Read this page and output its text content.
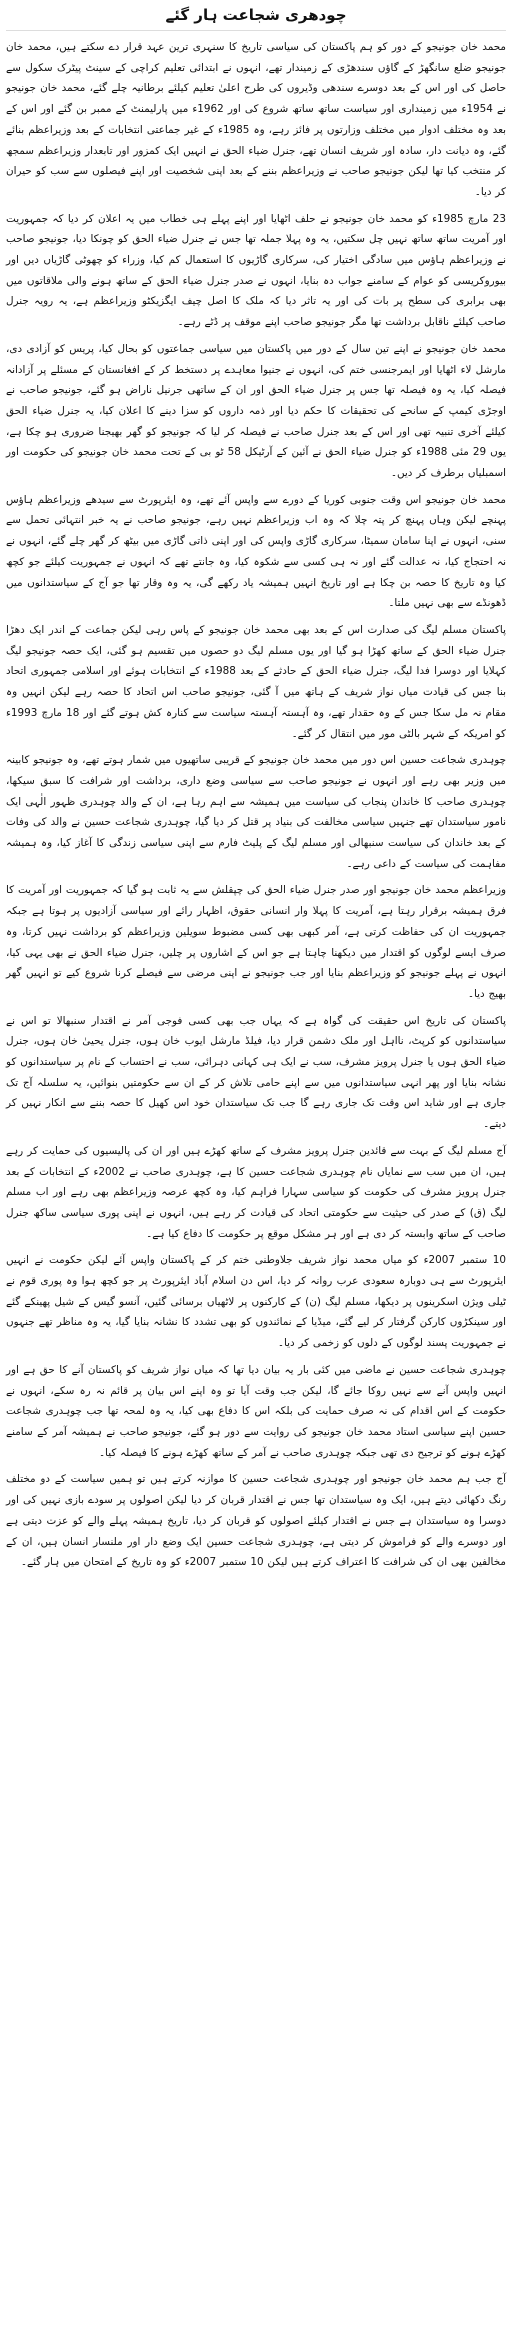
چودھری شجاعت ہار گئے

محمد خان جونیجو کے دور کو ہم پاکستان کی سیاسی تاریخ کا سنہری ترین عہد قرار دے سکتے ہیں، محمد خان جونیجو ضلع سانگھڑ کے گاؤں سندھڑی کے زمیندار تھے، انہوں نے ابتدائی تعلیم کراچی کے سینٹ پیٹرک سکول سے حاصل کی اور اس کے بعد دوسرے سندھی وڈیروں کی طرح اعلیٰ تعلیم کیلئے برطانیہ چلے گئے، محمد خان جونیجو نے 1954ء میں زمینداری اور سیاست ساتھ ساتھ شروع کی اور 1962ء میں پارلیمنٹ کے ممبر بن گئے اور اس کے بعد وہ مختلف ادوار میں مختلف وزارتوں پر فائز رہے، وہ 1985ء کے غیر جماعتی انتخابات کے بعد وزیراعظم بنائے گئے، وہ دیانت دار، سادہ اور شریف انسان تھے، جنرل ضیاء الحق نے انہیں ایک کمزور اور تابعدار وزیراعظم سمجھ کر منتخب کیا تھا لیکن جونیجو صاحب نے وزیراعظم بننے کے بعد اپنی شخصیت اور اپنے فیصلوں سے سب کو حیران کر دیا۔

23 مارچ 1985ء کو محمد خان جونیجو نے حلف اٹھایا اور اپنے پہلے ہی خطاب میں یہ اعلان کر دیا کہ جمہوریت اور آمریت ساتھ ساتھ نہیں چل سکتیں، یہ وہ پہلا جملہ تھا جس نے جنرل ضیاء الحق کو چونکا دیا، جونیجو صاحب نے وزیراعظم ہاؤس میں سادگی اختیار کی، سرکاری گاڑیوں کا استعمال کم کیا، وزراء کو چھوٹی گاڑیاں دیں اور بیوروکریسی کو عوام کے سامنے جواب دہ بنایا، انہوں نے صدر جنرل ضیاء الحق کے ساتھ ہونے والی ملاقاتوں میں بھی برابری کی سطح پر بات کی اور یہ تاثر دیا کہ ملک کا اصل چیف ایگزیکٹو وزیراعظم ہے، یہ رویہ جنرل صاحب کیلئے ناقابل برداشت تھا مگر جونیجو صاحب اپنے موقف پر ڈٹے رہے۔

محمد خان جونیجو نے اپنے تین سال کے دور میں پاکستان میں سیاسی جماعتوں کو بحال کیا، پریس کو آزادی دی، مارشل لاء اٹھایا اور ایمرجنسی ختم کی، انہوں نے جنیوا معاہدے پر دستخط کر کے افغانستان کے مسئلے پر آزادانہ فیصلہ کیا، یہ وہ فیصلہ تھا جس پر جنرل ضیاء الحق اور ان کے ساتھی جرنیل ناراض ہو گئے، جونیجو صاحب نے اوجڑی کیمپ کے سانحے کی تحقیقات کا حکم دیا اور ذمہ داروں کو سزا دینے کا اعلان کیا، یہ جنرل ضیاء الحق کیلئے آخری تنبیہ تھی اور اس کے بعد جنرل صاحب نے فیصلہ کر لیا کہ جونیجو کو گھر بھیجنا ضروری ہو چکا ہے، یوں 29 مئی 1988ء کو جنرل ضیاء الحق نے آئین کے آرٹیکل 58 ٹو بی کے تحت محمد خان جونیجو کی حکومت اور اسمبلیاں برطرف کر دیں۔

محمد خان جونیجو اس وقت جنوبی کوریا کے دورے سے واپس آئے تھے، وہ ایئرپورٹ سے سیدھے وزیراعظم ہاؤس پہنچے لیکن وہاں پہنچ کر پتہ چلا کہ وہ اب وزیراعظم نہیں رہے، جونیجو صاحب نے یہ خبر انتہائی تحمل سے سنی، انہوں نے اپنا سامان سمیٹا، سرکاری گاڑی واپس کی اور اپنی ذاتی گاڑی میں بیٹھ کر گھر چلے گئے، انہوں نے نہ احتجاج کیا، نہ عدالت گئے اور نہ ہی کسی سے شکوہ کیا، وہ جانتے تھے کہ انہوں نے جمہوریت کیلئے جو کچھ کیا وہ تاریخ کا حصہ بن چکا ہے اور تاریخ انہیں ہمیشہ یاد رکھے گی، یہ وہ وقار تھا جو آج کے سیاستدانوں میں ڈھونڈے سے بھی نہیں ملتا۔

پاکستان مسلم لیگ کی صدارت اس کے بعد بھی محمد خان جونیجو کے پاس رہی لیکن جماعت کے اندر ایک دھڑا جنرل ضیاء الحق کے ساتھ کھڑا ہو گیا اور یوں مسلم لیگ دو حصوں میں تقسیم ہو گئی، ایک حصہ جونیجو لیگ کہلایا اور دوسرا فدا لیگ، جنرل ضیاء الحق کے حادثے کے بعد 1988ء کے انتخابات ہوئے اور اسلامی جمہوری اتحاد بنا جس کی قیادت میاں نواز شریف کے ہاتھ میں آ گئی، جونیجو صاحب اس اتحاد کا حصہ رہے لیکن انہیں وہ مقام نہ مل سکا جس کے وہ حقدار تھے، وہ آہستہ آہستہ سیاست سے کنارہ کش ہوتے گئے اور 18 مارچ 1993ء کو امریکہ کے شہر بالٹی مور میں انتقال کر گئے۔

چوہدری شجاعت حسین اس دور میں محمد خان جونیجو کے قریبی ساتھیوں میں شمار ہوتے تھے، وہ جونیجو کابینہ میں وزیر بھی رہے اور انہوں نے جونیجو صاحب سے سیاسی وضع داری، برداشت اور شرافت کا سبق سیکھا، چوہدری صاحب کا خاندان پنجاب کی سیاست میں ہمیشہ سے اہم رہا ہے، ان کے والد چوہدری ظہور الٰہی ایک نامور سیاستدان تھے جنہیں سیاسی مخالفت کی بنیاد پر قتل کر دیا گیا، چوہدری شجاعت حسین نے والد کی وفات کے بعد خاندان کی سیاست سنبھالی اور مسلم لیگ کے پلیٹ فارم سے اپنی سیاسی زندگی کا آغاز کیا، وہ ہمیشہ مفاہمت کی سیاست کے داعی رہے۔

وزیراعظم محمد خان جونیجو اور صدر جنرل ضیاء الحق کی چپقلش سے یہ ثابت ہو گیا کہ جمہوریت اور آمریت کا فرق ہمیشہ برقرار رہتا ہے، آمریت کا پہلا وار انسانی حقوق، اظہار رائے اور سیاسی آزادیوں پر ہوتا ہے جبکہ جمہوریت ان کی حفاظت کرتی ہے، آمر کبھی بھی کسی مضبوط سویلین وزیراعظم کو برداشت نہیں کرتا، وہ صرف ایسے لوگوں کو اقتدار میں دیکھنا چاہتا ہے جو اس کے اشاروں پر چلیں، جنرل ضیاء الحق نے بھی یہی کیا، انہوں نے پہلے جونیجو کو وزیراعظم بنایا اور جب جونیجو نے اپنی مرضی سے فیصلے کرنا شروع کیے تو انہیں گھر بھیج دیا۔

پاکستان کی تاریخ اس حقیقت کی گواہ ہے کہ یہاں جب بھی کسی فوجی آمر نے اقتدار سنبھالا تو اس نے سیاستدانوں کو کرپٹ، نااہل اور ملک دشمن قرار دیا، فیلڈ مارشل ایوب خان ہوں، جنرل یحییٰ خان ہوں، جنرل ضیاء الحق ہوں یا جنرل پرویز مشرف، سب نے ایک ہی کہانی دہرائی، سب نے احتساب کے نام پر سیاستدانوں کو نشانہ بنایا اور پھر انہی سیاستدانوں میں سے اپنے حامی تلاش کر کے ان سے حکومتیں بنوائیں، یہ سلسلہ آج تک جاری ہے اور شاید اس وقت تک جاری رہے گا جب تک سیاستدان خود اس کھیل کا حصہ بننے سے انکار نہیں کر دیتے۔

آج مسلم لیگ کے بہت سے قائدین جنرل پرویز مشرف کے ساتھ کھڑے ہیں اور ان کی پالیسیوں کی حمایت کر رہے ہیں، ان میں سب سے نمایاں نام چوہدری شجاعت حسین کا ہے، چوہدری صاحب نے 2002ء کے انتخابات کے بعد جنرل پرویز مشرف کی حکومت کو سیاسی سہارا فراہم کیا، وہ کچھ عرصہ وزیراعظم بھی رہے اور اب مسلم لیگ (ق) کے صدر کی حیثیت سے حکومتی اتحاد کی قیادت کر رہے ہیں، انہوں نے اپنی پوری سیاسی ساکھ جنرل صاحب کے ساتھ وابستہ کر دی ہے اور ہر مشکل موقع پر حکومت کا دفاع کیا ہے۔

10 ستمبر 2007ء کو میاں محمد نواز شریف جلاوطنی ختم کر کے پاکستان واپس آئے لیکن حکومت نے انہیں ایئرپورٹ سے ہی دوبارہ سعودی عرب روانہ کر دیا، اس دن اسلام آباد ایئرپورٹ پر جو کچھ ہوا وہ پوری قوم نے ٹیلی ویژن اسکرینوں پر دیکھا، مسلم لیگ (ن) کے کارکنوں پر لاٹھیاں برسائی گئیں، آنسو گیس کے شیل پھینکے گئے اور سینکڑوں کارکن گرفتار کر لیے گئے، میڈیا کے نمائندوں کو بھی تشدد کا نشانہ بنایا گیا، یہ وہ مناظر تھے جنہوں نے جمہوریت پسند لوگوں کے دلوں کو زخمی کر دیا۔

چوہدری شجاعت حسین نے ماضی میں کئی بار یہ بیان دیا تھا کہ میاں نواز شریف کو پاکستان آنے کا حق ہے اور انہیں واپس آنے سے نہیں روکا جائے گا، لیکن جب وقت آیا تو وہ اپنے اس بیان پر قائم نہ رہ سکے، انہوں نے حکومت کے اس اقدام کی نہ صرف حمایت کی بلکہ اس کا دفاع بھی کیا، یہ وہ لمحہ تھا جب چوہدری شجاعت حسین اپنے سیاسی استاد محمد خان جونیجو کی روایت سے دور ہو گئے، جونیجو صاحب نے ہمیشہ آمر کے سامنے کھڑے ہونے کو ترجیح دی تھی جبکہ چوہدری صاحب نے آمر کے ساتھ کھڑے ہونے کا فیصلہ کیا۔

آج جب ہم محمد خان جونیجو اور چوہدری شجاعت حسین کا موازنہ کرتے ہیں تو ہمیں سیاست کے دو مختلف رنگ دکھائی دیتے ہیں، ایک وہ سیاستدان تھا جس نے اقتدار قربان کر دیا لیکن اصولوں پر سودے بازی نہیں کی اور دوسرا وہ سیاستدان ہے جس نے اقتدار کیلئے اصولوں کو قربان کر دیا، تاریخ ہمیشہ پہلے والے کو عزت دیتی ہے اور دوسرے والے کو فراموش کر دیتی ہے، چوہدری شجاعت حسین ایک وضع دار اور ملنسار انسان ہیں، ان کے مخالفین بھی ان کی شرافت کا اعتراف کرتے ہیں لیکن 10 ستمبر 2007ء کو وہ تاریخ کے امتحان میں ہار گئے۔
